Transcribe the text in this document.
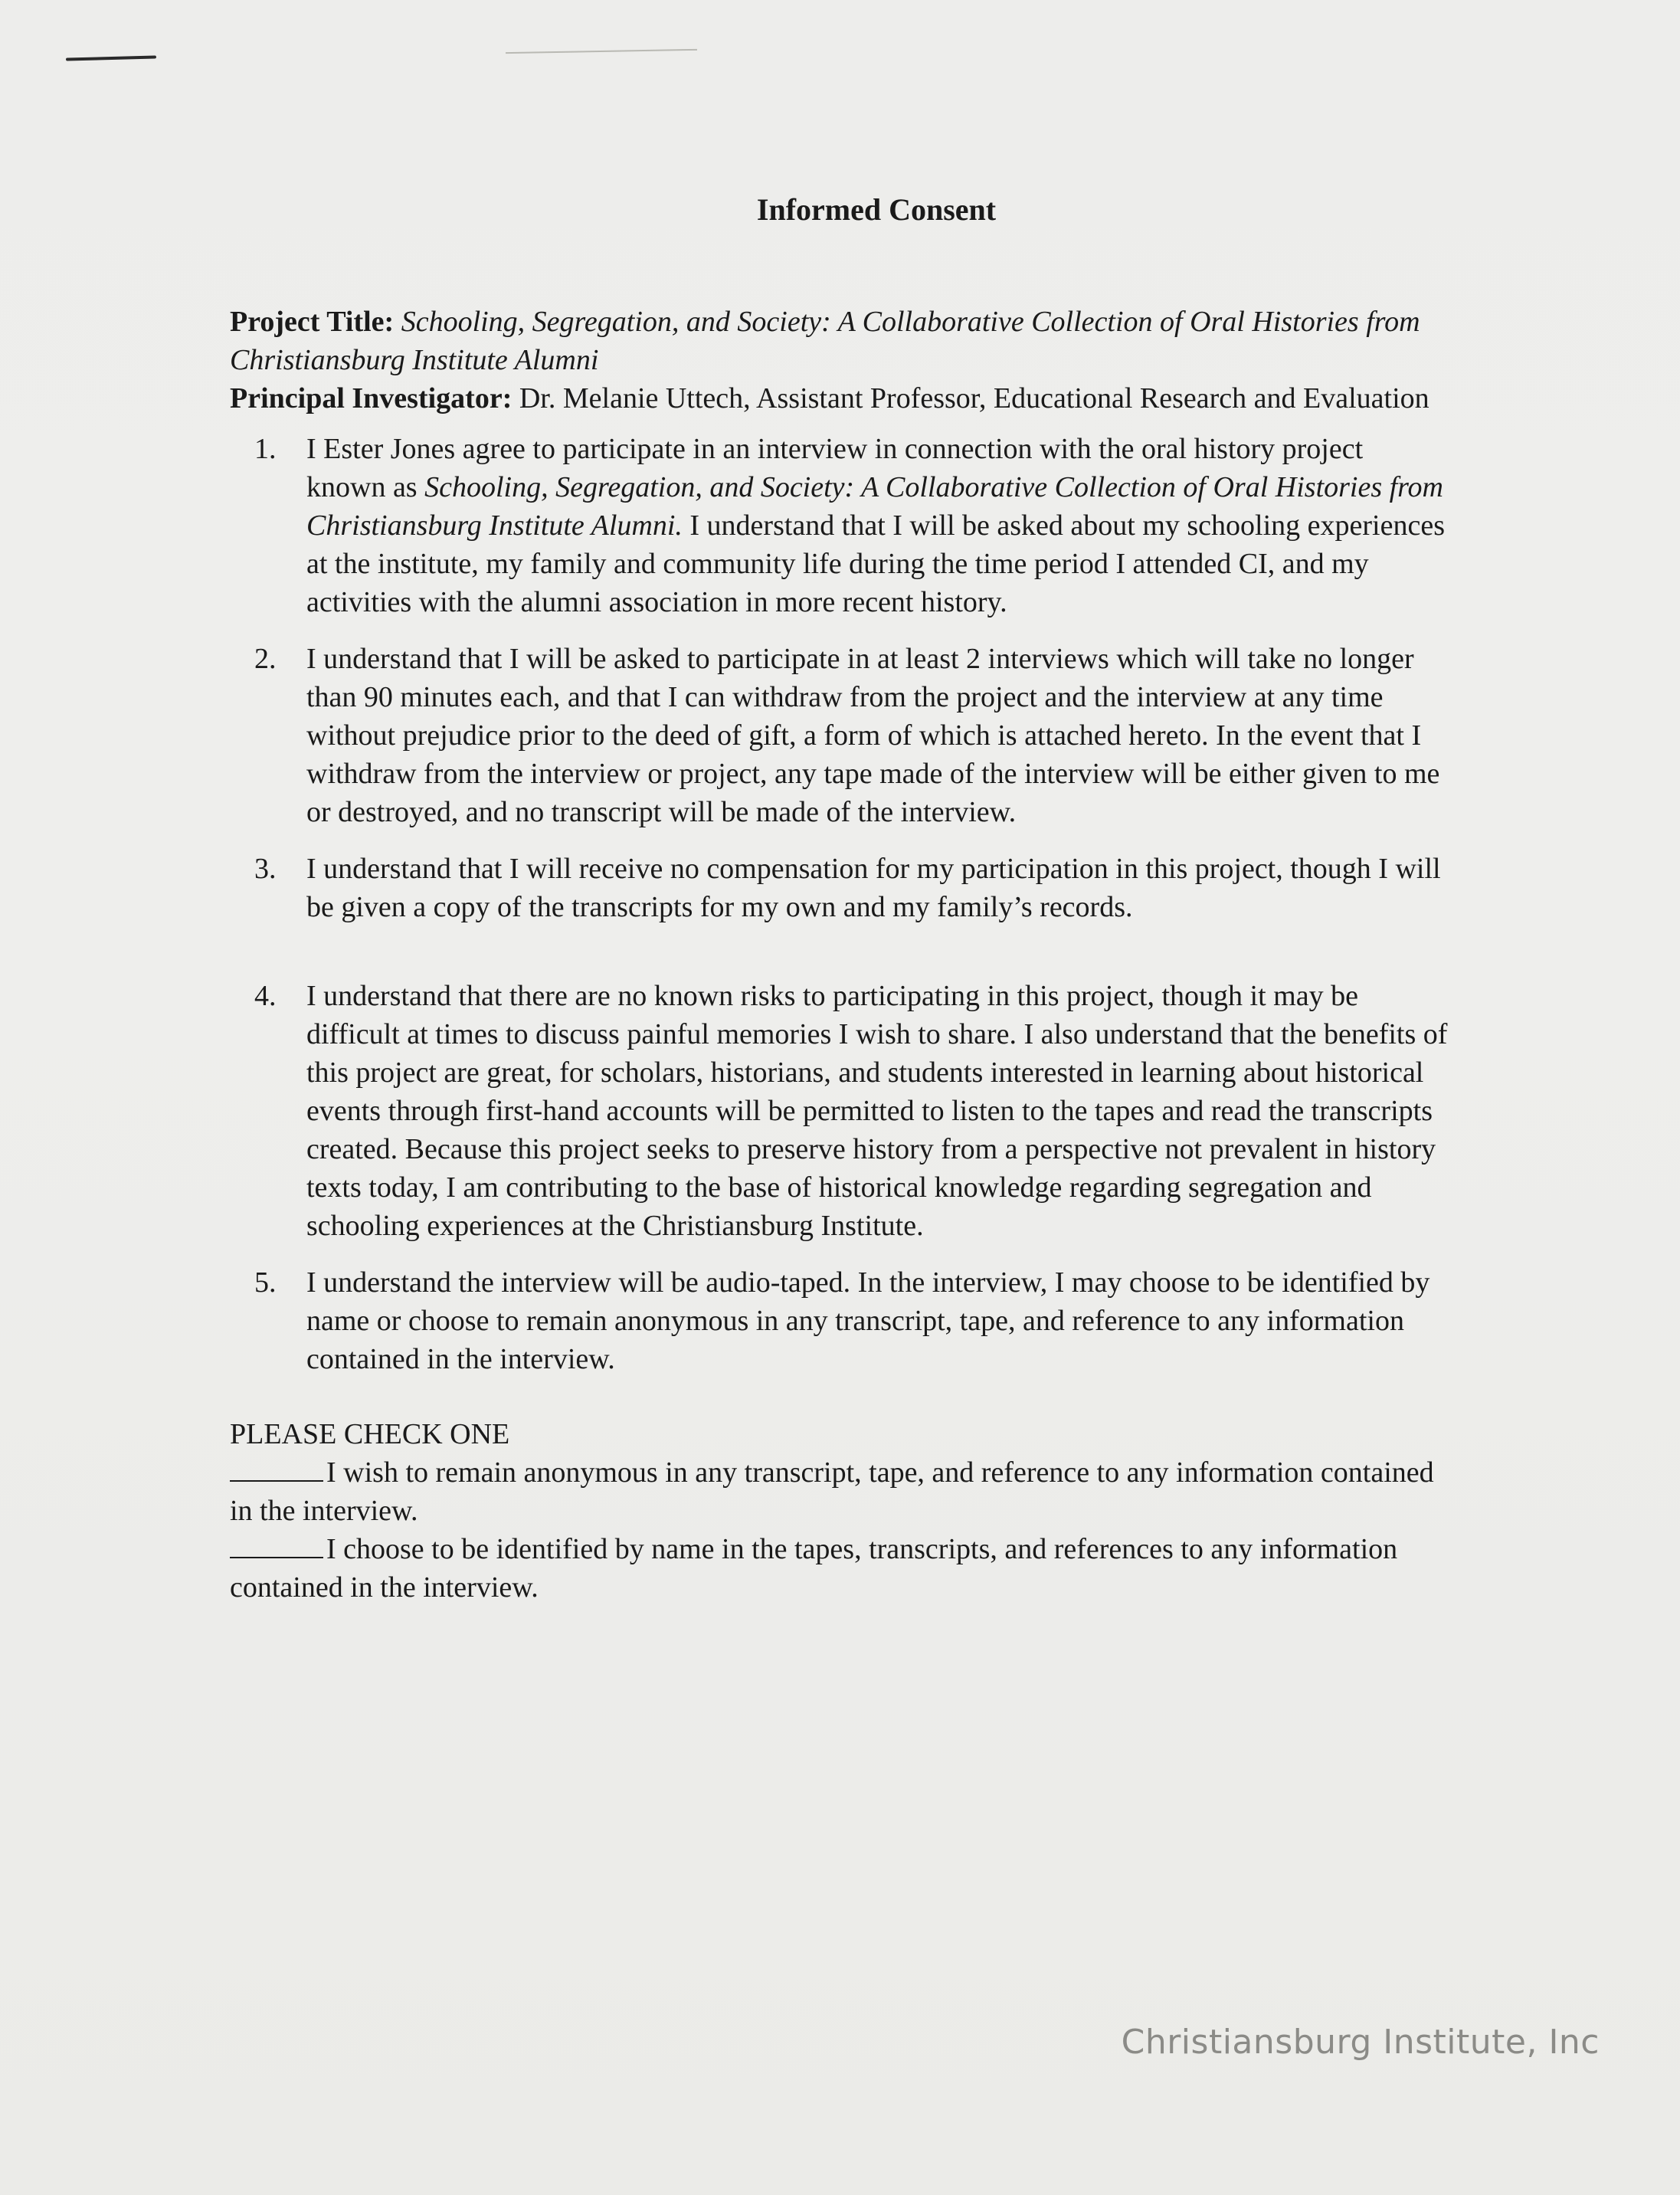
Informed Consent
Project Title: Schooling, Segregation, and Society: A Collaborative Collection of Oral Histories from Christiansburg Institute Alumni
Principal Investigator: Dr. Melanie Uttech, Assistant Professor, Educational Research and Evaluation
1. I Ester Jones agree to participate in an interview in connection with the oral history project known as Schooling, Segregation, and Society: A Collaborative Collection of Oral Histories from Christiansburg Institute Alumni. I understand that I will be asked about my schooling experiences at the institute, my family and community life during the time period I attended CI, and my activities with the alumni association in more recent history.
2. I understand that I will be asked to participate in at least 2 interviews which will take no longer than 90 minutes each, and that I can withdraw from the project and the interview at any time without prejudice prior to the deed of gift, a form of which is attached hereto. In the event that I withdraw from the interview or project, any tape made of the interview will be either given to me or destroyed, and no transcript will be made of the interview.
3. I understand that I will receive no compensation for my participation in this project, though I will be given a copy of the transcripts for my own and my family’s records.
4. I understand that there are no known risks to participating in this project, though it may be difficult at times to discuss painful memories I wish to share. I also understand that the benefits of this project are great, for scholars, historians, and students interested in learning about historical events through first-hand accounts will be permitted to listen to the tapes and read the transcripts created. Because this project seeks to preserve history from a perspective not prevalent in history texts today, I am contributing to the base of historical knowledge regarding segregation and schooling experiences at the Christiansburg Institute.
5. I understand the interview will be audio-taped. In the interview, I may choose to be identified by name or choose to remain anonymous in any transcript, tape, and reference to any information contained in the interview.
PLEASE CHECK ONE
I wish to remain anonymous in any transcript, tape, and reference to any information contained in the interview.
I choose to be identified by name in the tapes, transcripts, and references to any information contained in the interview.
Christiansburg Institute, Inc
